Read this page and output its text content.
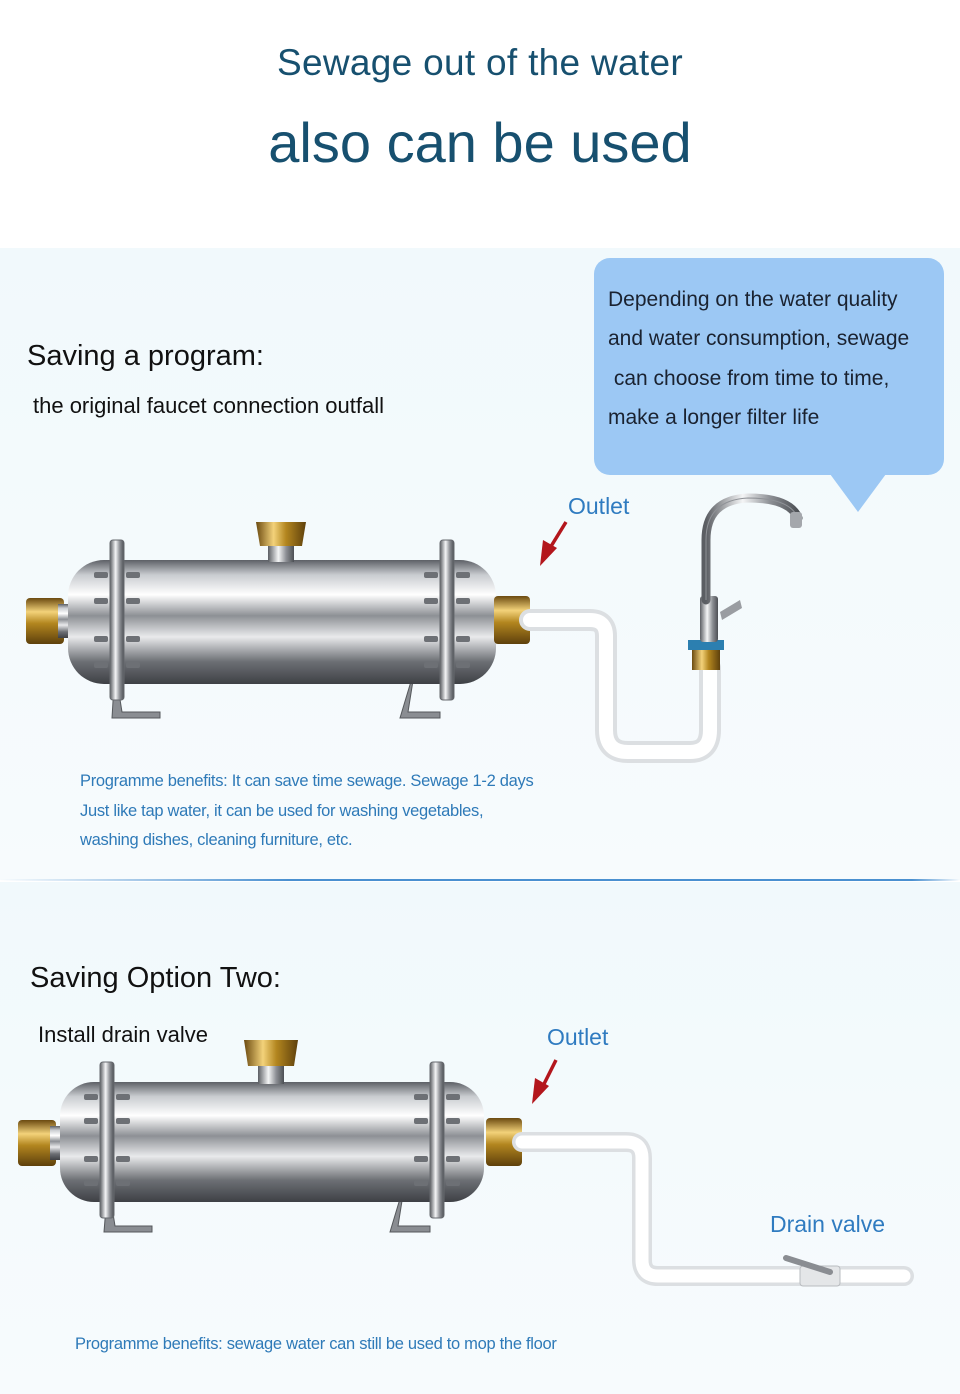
Sewage out of the water
also can be used
Depending on the water quality
and water consumption, sewage
can choose from time to time,
make a longer filter life
Saving a program:
the original faucet connection outfall
Outlet
Programme benefits: It can save time sewage. Sewage 1-2 days
Just like tap water, it can be used for washing vegetables,
washing dishes, cleaning furniture, etc.
Saving Option Two:
Install drain valve	Outlet
Drain valve
Programme benefits: sewage water can still be used to mop the floor
